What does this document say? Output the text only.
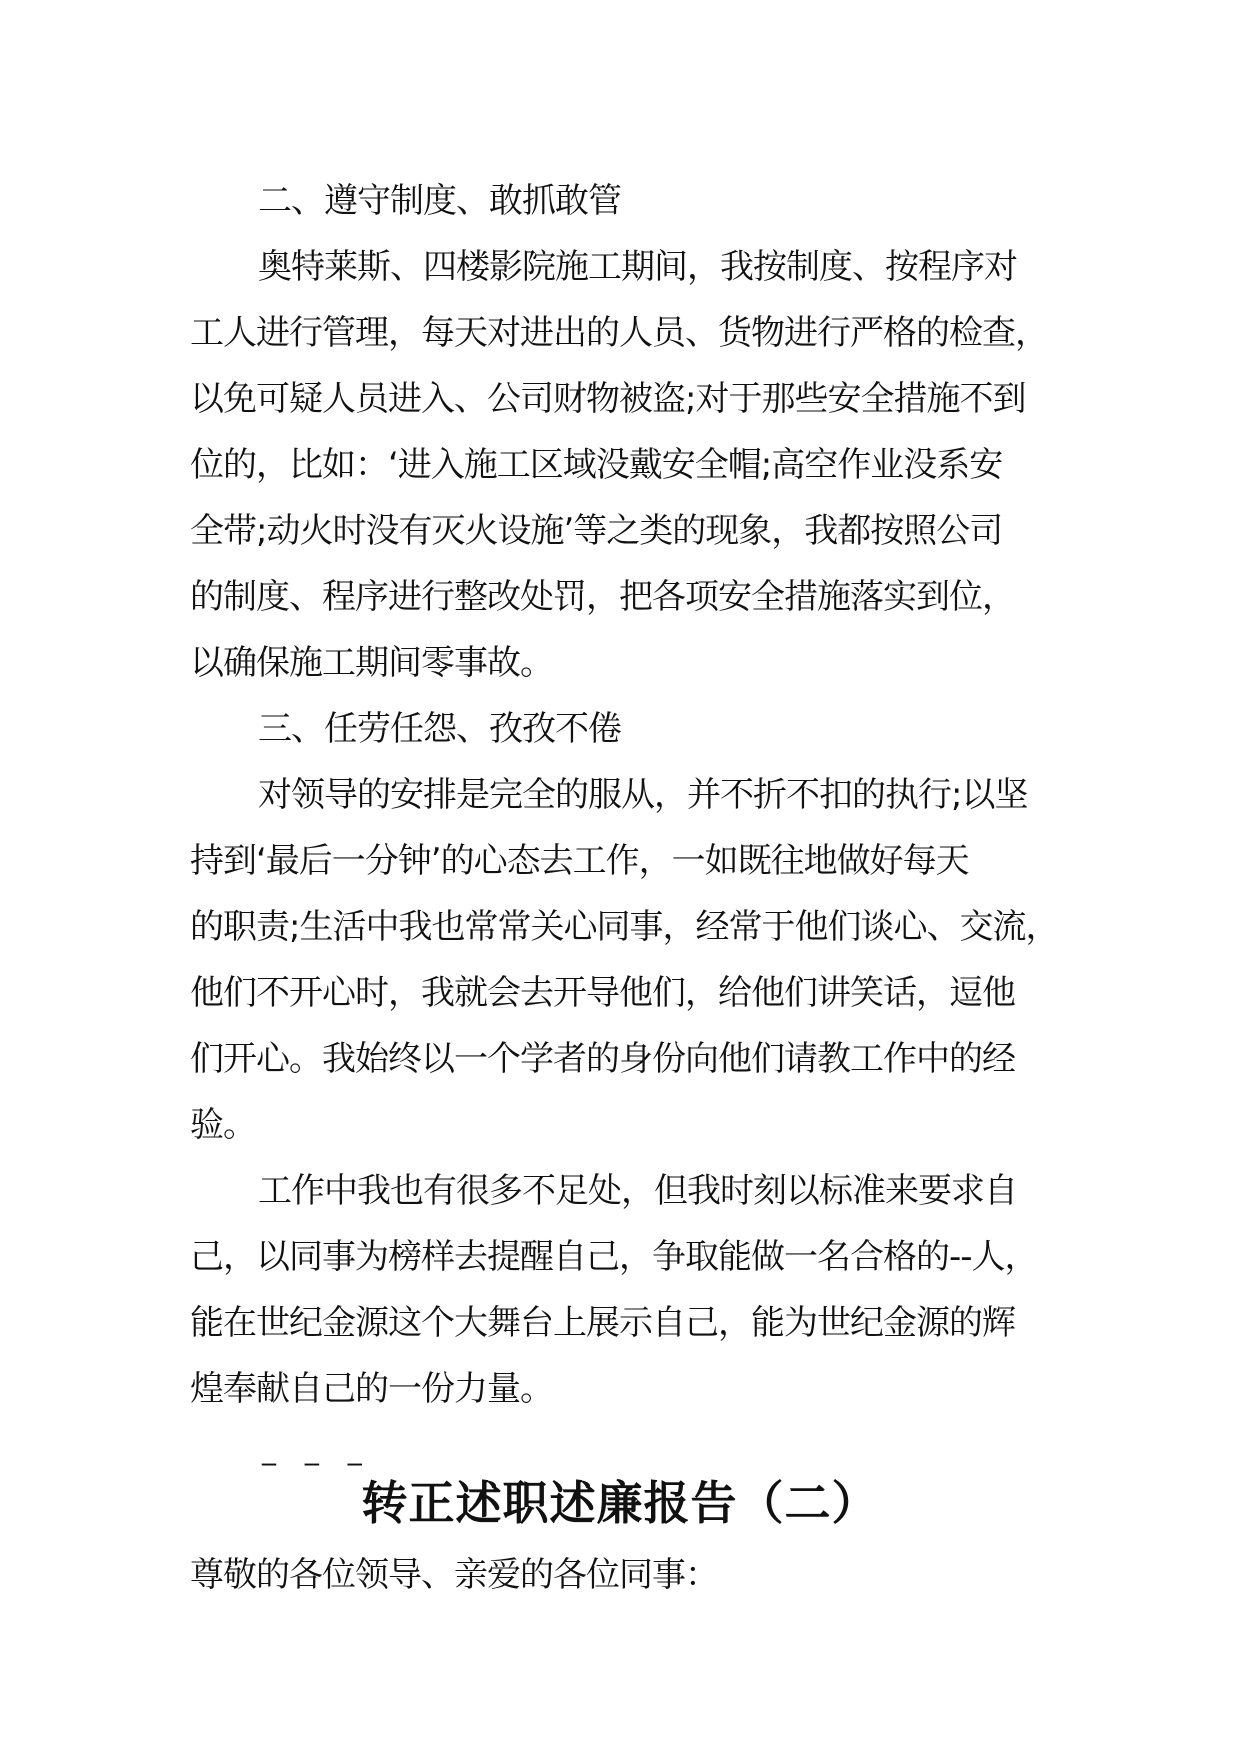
二、遵守制度、敢抓敢管

奥特莱斯、四楼影院施工期间，我按制度、按程序对

工人进行管理，每天对进出的人员、货物进行严格的检查，

以免可疑人员进入、公司财物被盗;对于那些安全措施不到

位的，比如：‘进入施工区域没戴安全帽;高空作业没系安

全带;动火时没有灭火设施’等之类的现象，我都按照公司

的制度、程序进行整改处罚，把各项安全措施落实到位，

以确保施工期间零事故。

三、任劳任怨、孜孜不倦

对领导的安排是完全的服从，并不折不扣的执行;以坚

持到‘最后一分钟’的心态去工作，一如既往地做好每天

的职责;生活中我也常常关心同事，经常于他们谈心、交流，

他们不开心时，我就会去开导他们，给他们讲笑话，逗他

们开心。我始终以一个学者的身份向他们请教工作中的经

验。

工作中我也有很多不足处，但我时刻以标准来要求自

己，以同事为榜样去提醒自己，争取能做一名合格的--人，

能在世纪金源这个大舞台上展示自己，能为世纪金源的辉

煌奉献自己的一份力量。

_ _ _
转正述职述廉报告（二）
尊敬的各位领导、亲爱的各位同事：
